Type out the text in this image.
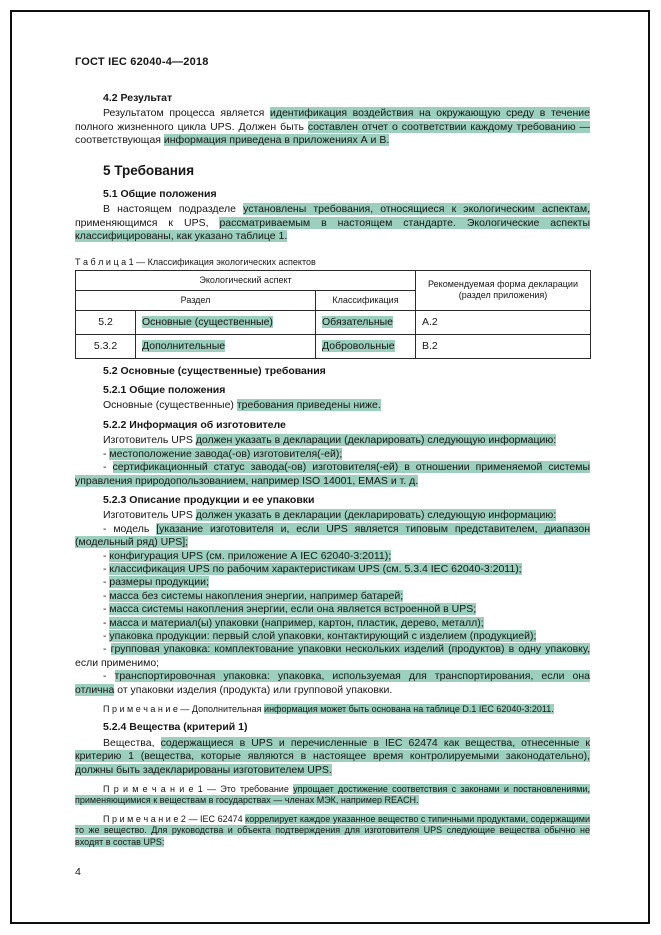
ГОСТ IEC 62040-4—2018
4.2 Результат
Результатом процесса является идентификация воздействия на окружающую среду в течение полного жизненного цикла UPS. Должен быть составлен отчет о соответствии каждому требованию — соответствующая информация приведена в приложениях А и В.
5 Требования
5.1 Общие положения
В настоящем подразделе установлены требования, относящиеся к экологическим аспектам, применяющимся к UPS, рассматриваемым в настоящем стандарте. Экологические аспекты классифицированы, как указано таблице 1.
Т а б л и ц а 1 — Классификация экологических аспектов
Экологический аспект			Рекомендуемая форма декларации (раздел приложения)
Раздел		Классификация	
5.2	Основные (существенные)	Обязательные	А.2
5.3.2	Дополнительные	Добровольные	В.2
5.2 Основные (существенные) требования
5.2.1 Общие положения
Основные (существенные) требования приведены ниже.
5.2.2 Информация об изготовителе
Изготовитель UPS должен указать в декларации (декларировать) следующую информацию:
- местоположение завода(-ов) изготовителя(-ей);
- сертификационный статус завода(-ов) изготовителя(-ей) в отношении применяемой системы управления природопользованием, например ISO 14001, EMAS и т. д.
5.2.3 Описание продукции и ее упаковки
Изготовитель UPS должен указать в декларации (декларировать) следующую информацию:
- модель [указание изготовителя и, если UPS является типовым представителем, диапазон (модельный ряд) UPS];
- конфигурация UPS (см. приложение А IEC 62040-3:2011);
- классификация UPS по рабочим характеристикам UPS (см. 5.3.4 IEC 62040-3:2011);
- размеры продукции;
- масса без системы накопления энергии, например батарей;
- масса системы накопления энергии, если она является встроенной в UPS;
- масса и материал(ы) упаковки (например, картон, пластик, дерево, металл);
- упаковка продукции: первый слой упаковки, контактирующий с изделием (продукцией);
- групповая упаковка: комплектование упаковки нескольких изделий (продуктов) в одну упаковку, если применимо;
- транспортировочная упаковка: упаковка, используемая для транспортирования, если она отлична от упаковки изделия (продукта) или групповой упаковки.
П р и м е ч а н и е — Дополнительная информация может быть основана на таблице D.1 IEC 62040-3:2011.
5.2.4 Вещества (критерий 1)
Вещества, содержащиеся в UPS и перечисленные в IEC 62474 как вещества, отнесенные к критерию 1 (вещества, которые являются в настоящее время контролируемыми законодательно), должны быть задекларированы изготовителем UPS.
П р и м е ч а н и е 1 — Это требование упрощает достижение соответствия с законами и постановлениями, применяющимися к веществам в государствах — членах МЭК, например REACH.
П р и м е ч а н и е 2 — IEC 62474 коррелирует каждое указанное вещество с типичными продуктами, содержащими то же вещество. Для руководства и объекта подтверждения для изготовителя UPS следующие вещества обычно не входят в состав UPS:
4
